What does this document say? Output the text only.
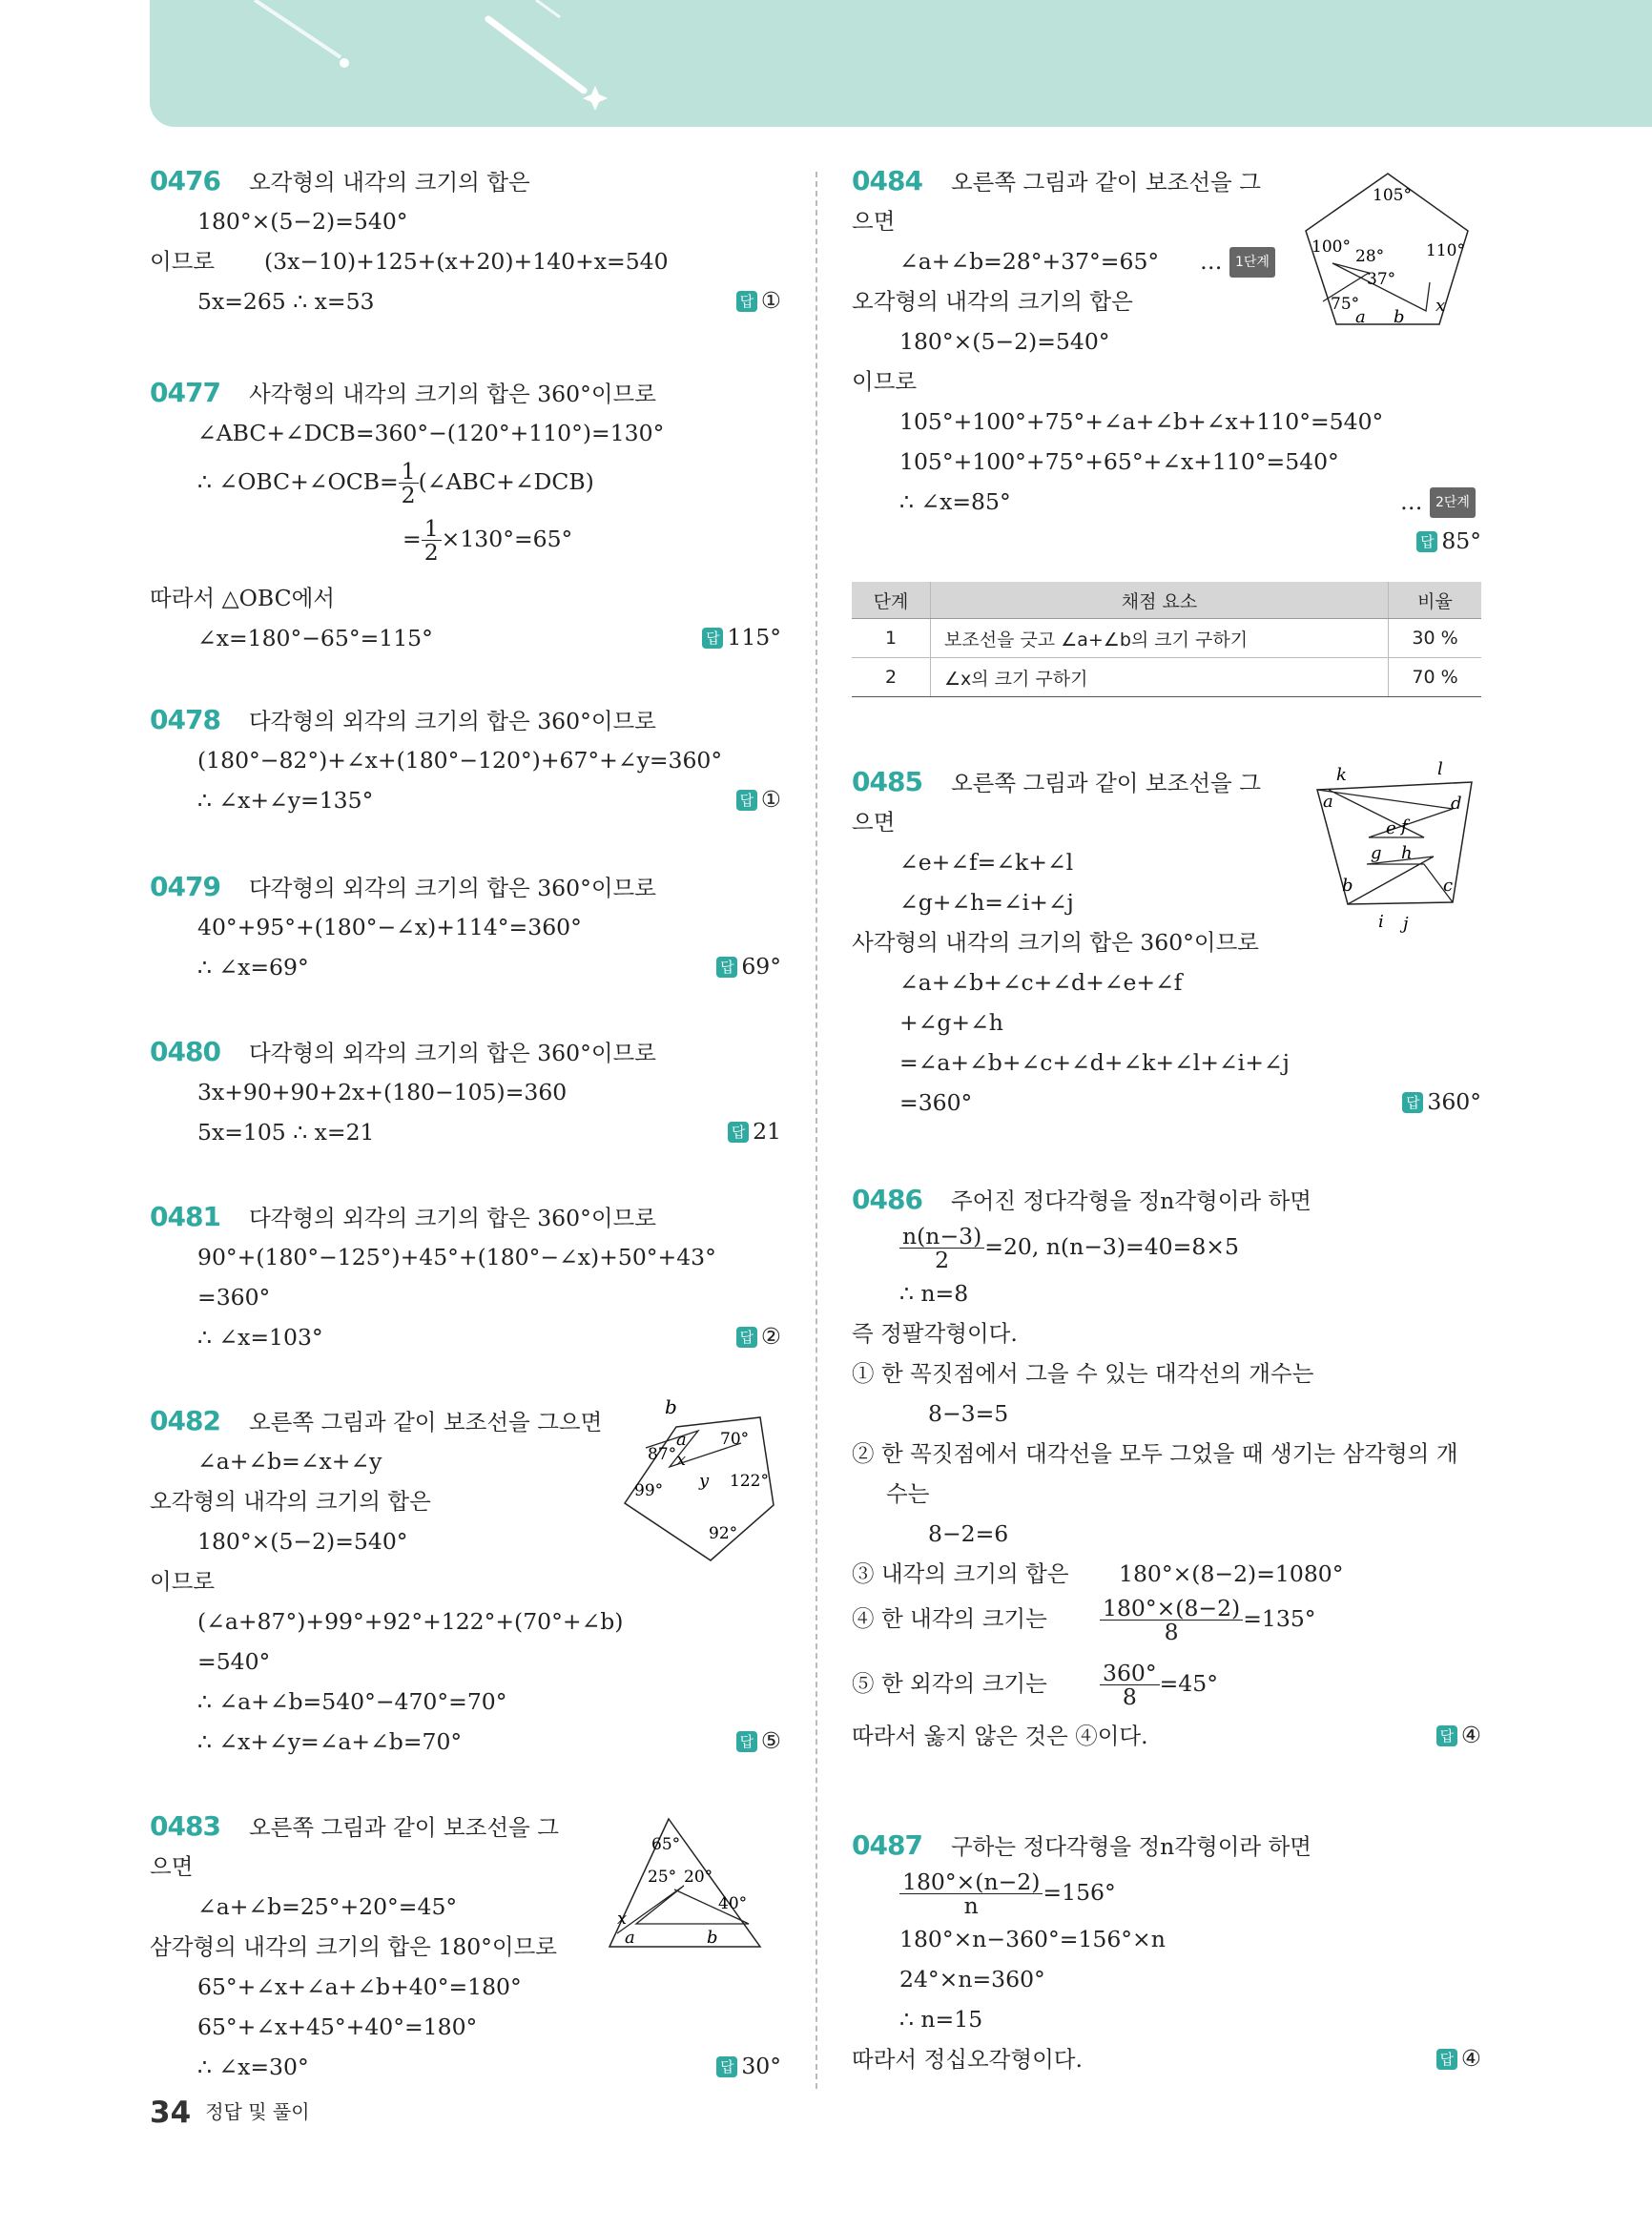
0476 오각형의 내각의 크기의 합은
180°×(5−2)=540°
이므로 (3x−10)+125+(x+20)+140+x=540
5x=265 ∴ x=53	답 ①
0477 사각형의 내각의 크기의 합은 360°이므로
∠ABC+∠DCB=360°−(120°+110°)=130°
∴ ∠OBC+∠OCB= $\frac{1}{2}$ (∠ABC+∠DCB)
= $\frac{1}{2} \times 130^\circ=65^\circ$
따라서 △OBC에서
∠x=180°−65°=115°	답 115°
0478 다각형의 외각의 크기의 합은 360°이므로
(180°−82°)+∠x+(180°−120°)+67°+∠y=360°
∴ ∠x+∠y=135°	답 ①
0479 다각형의 외각의 크기의 합은 360°이므로
40°+95°+(180°−∠x)+114°=360°
∴ ∠x=69°	답 69°
0480 다각형의 외각의 크기의 합은 360°이므로
3x+90+90+2x+(180−105)=360
5x=105 ∴ x=21	답 21
0481 다각형의 외각의 크기의 합은 360°이므로
90°+(180°−125°)+45°+(180°−∠x)+50°+43°
=360°
∴ ∠x=103°	답 ②
0482 오른쪽 그림과 같이 보조선을 그으면
∠a+∠b=∠x+∠y
오각형의 내각의 크기의 합은
180°×(5−2)=540°
이므로
(∠a+87°)+99°+92°+122°+(70°+∠b)
=540°
∴ ∠a+∠b=540°−470°=70°
∴ ∠x+∠y=∠a+∠b=70°	답 ⑤
b
a 70°
87° x
y 122°
99°
92°
0483 오른쪽 그림과 같이 보조선을 그
으면
∠a+∠b=25°+20°=45°
삼각형의 내각의 크기의 합은 180°이므로
65°+∠x+∠a+∠b+40°=180°
65°+∠x+45°+40°=180°
∴ ∠x=30°	답 30°
65°
25° 20°
40°
x
a	b
0484 오른쪽 그림과 같이 보조선을 그
으면
∠a+∠b=28°+37°=65° … 1단계
오각형의 내각의 크기의 합은
180°×(5−2)=540°
이므로
105°+100°+75°+∠a+∠b+∠x+110°=540°
105°+100°+75°+65°+∠x+110°=540°
∴ ∠x=85°	… 2단계
답 85°
105°
100° 28°	110°
37°
75°	x
a b
단계	채점 요소	비율
1	보조선을 긋고 ∠a+∠b의 크기 구하기	30 %
2	∠x의 크기 구하기	70 %
0485 오른쪽 그림과 같이 보조선을 그
으면
∠e+∠f=∠k+∠l
∠g+∠h=∠i+∠j
사각형의 내각의 크기의 합은 360°이므로
∠a+∠b+∠c+∠d+∠e+∠f
+∠g+∠h
=∠a+∠b+∠c+∠d+∠k+∠l+∠i+∠j
=360°	답 360°
k	l
a	d
e f
g h
b	c
i j
0486 주어진 정다각형을 정n각형이라 하면
$\frac{n(n-3)}{2} =20$, n(n−3)=40=8×5
∴ n=8
즉 정팔각형이다.
① 한 꼭짓점에서 그을 수 있는 대각선의 개수는
8−3=5
② 한 꼭짓점에서 대각선을 모두 그었을 때 생기는 삼각형의 개
수는
8−2=6
③ 내각의 크기의 합은 180°×(8−2)=1080°
④ 한 내각의 크기는 $\frac{180^\circ\times(8-2)}{8} =135^\circ$
⑤ 한 외각의 크기는 $\frac{360^\circ}{8} =45^\circ$
따라서 옳지 않은 것은 ④이다.	답 ④
0487 구하는 정다각형을 정n각형이라 하면
$\frac{180^\circ\times(n-2)}{n} =156^\circ$
180°×n−360°=156°×n
24°×n=360°
∴ n=15
따라서 정십오각형이다.	답 ④
34 정답 및 풀이
